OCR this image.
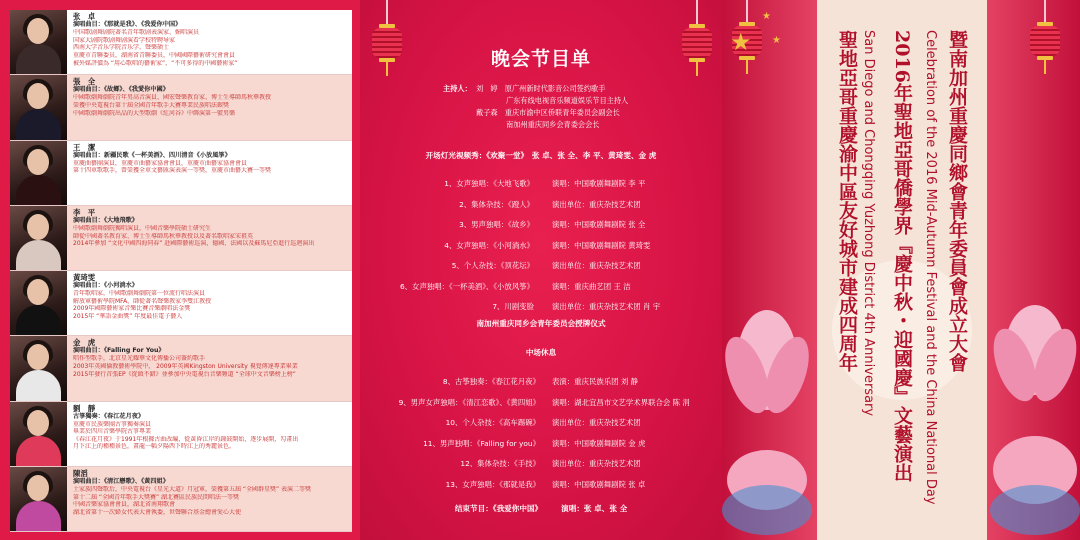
张　卓
演唱曲目：《那就是我》、《我爱你中国》
中国歌剧舞剧院著名青年歌剧表演家、媚唱演员
国家大剧院歌剧舞剧演看学校特聘导家
西南大学音乐学院音乐学、聲樂碩士
重慶市青聯委员，湖南省青聯委员，中國國際藝術研究會會員
被外媒評價為 “用心歌唱的藝術家”，“不可多得的中國藝術家”
張　全
演唱曲目：《故鄉》、《我愛你中國》
中國歌劇舞劇院青年男高音演員、國宏聲樂教育家、博士生導師馬秋華教授
榮獲中央電視台第十屆全國青年歌手大賽專業民族唱法銀獎
中國歌劇舞劇院出品的大型歌劇《紅河谷》中飾演第一號男樂
王　潔
演唱曲目：新疆民歌《一杯美酒》、四川清音《小放風箏》
重慶曲藝團演員，重慶市曲藝家協會會員，重慶市曲藝家協會會員
第十四車歌歌手，曾榮獲全車文藝匯演表演一等獎，重慶市曲藝大賽一等獎
李　平
演唱曲目：《大地飛歌》
中國歌劇舞劇院獨唱演員，中國音樂學院碩士研究生
師從中國著名教育家、博士生導師馬秋華教授以及著名歌唱家宋祖英
2014年參加 “文化中國四海同春” 赴國際藝術巡演，德國、法國以及蘇馬尼亞進行巡迴演出
黃琦雯
演唱曲目：《小河淌水》
青年歌唱家，中國歌劇舞劇院第一位流行唱法演員
解放軍藝術學院MFA，師從著名聲樂教家李雙江教授
2009年國際藝術家音樂比賽音樂劇唱法金獎
2015年 “華語金曲獎” 年度最佳電子藝人
金　虎
演唱曲目：《Falling For You》
唱作型歌手，北京星光耀華文化傳播公司簽約歌手
2003年英國倫敦藝術學院中， 2009年英國Kingston University 視覺傳達專業畢業
2015年發行首張EP《從頭不錯》並參加中央電視台音樂頻道 “全球中文音樂榜上榜”
劉　靜
古箏獨奏：《春江花月夜》
重慶市民族樂團古箏獨奏演員
畢業於四川音樂學院古箏專業
《春江花月夜》于1991年根據古曲改編，從黃昏江岸的鐘鼓開始，逐步展開，勾畫出
月下江上的種種景色，畫龍一幅夕陽西下時江上的秀麗景色。
陳滔
演唱曲目：《清江戀歌》、《黃四姐》
土家族四聲歌后，中央電視台《星光大道》月冠軍，榮獲第五屆 “全國群星獎” 表演二等獎
第十二屆 “全國青年歌手大獎賽” 湖北賽區民族民間唱法一等獎
中國音樂家協會會員，湖北省南翔歌會
湖北省第十一次婦女代表大會執委，世聲聯合基金總會愛心大使
晚会节目单
主持人： 刘　婷　原广州新时代影音公司签约歌手
广东有线电视音乐频道娱乐节目主持人
戴子森　重庆市渝中区侨联青年委员会副会长
南加州重庆同乡会青委会会长
开场灯光视频秀：《欢聚一堂》　张 卓、张 全、李 平、黄琦雯、金 虎
1、女声独唱：《大地飞歌》 演唱：中国歌剧舞剧院 李 平
2、集体杂技：《蹬人》 演出单位：重庆杂技艺术团
3、男声独唱：《故乡》 演唱：中国歌剧舞剧院 张 全
4、女声独唱：《小河淌水》 演唱：中国歌剧舞剧院 黄琦雯
5、个人杂技：《顶花坛》 演出单位：重庆杂技艺术团
6、女声独唱：《一杯美酒》、《小放风筝》 演唱：重庆曲艺团 王 洁
7、川剧变脸 演出单位：重庆杂技艺术团 肖 宇
南加州重庆同乡会青年委员会授牌仪式
中场休息
8、古筝独奏：《春江花月夜》 表演：重庆民族乐团 刘 静
9、男声女声独唱：《清江恋歌》、《黄四姐》 演唱：湖北宜昌市文艺学术界联合会 陈 涓
10、个人杂技：《高车踢碗》 演出单位：重庆杂技艺术团
11、男声独唱：《Falling for you》 演唱：中国歌剧舞剧院 金 虎
12、集体杂技：《手技》 演出单位：重庆杂技艺术团
13、女声独唱：《那就是我》 演唱：中国歌剧舞剧院 张 卓
结束节目：《我爱你中国》　　　演唱：张 卓、张 全
★
★
★	暨南加州重慶同鄉會青年委員會成立大會
Celebration of the 2016 Mid-Autumn Festival and the China National Day
2016年聖地亞哥僑學界『慶中秋・迎國慶』文藝演出
San Diego and Chongqing Yuzhong District 4th Anniversary
聖地亞哥重慶渝中區友好城市建成四周年
